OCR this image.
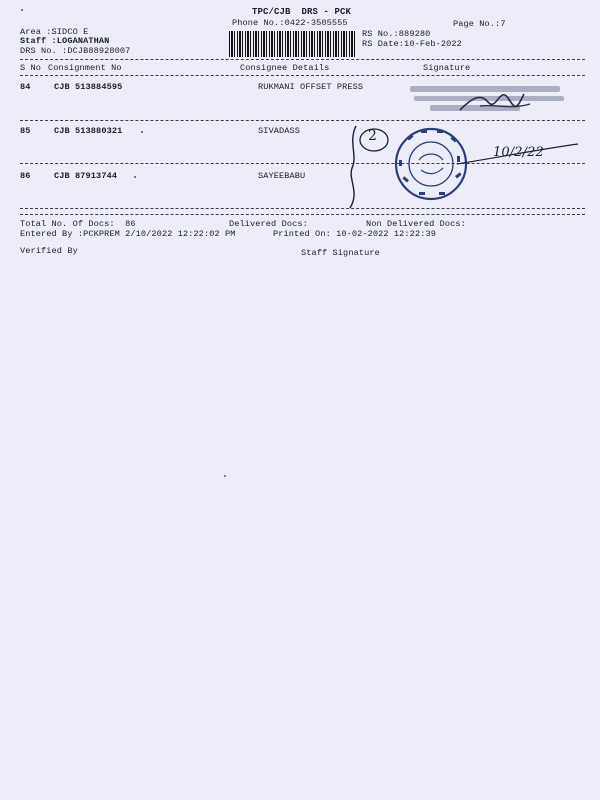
TPC/CJB  DRS - PCK
Phone No.:0422-3505555	Page No.:7
Area :SIDCO E
Staff :LOGANATHAN
DRS No. :DCJB88928007
RS No.:889280
RS Date:10-Feb-2022
S No Consignment No	Consignee Details	Signature
84	CJB 513884595	RUKMANI OFFSET PRESS
85	CJB 513880321	SIVADASS
86	CJB 87913744	SAYEEBABU
Total No. Of Docs:  86	Delivered Docs:	Non Delivered Docs:
Entered By :PCKPREM 2/10/2022 12:22:02 PM	Printed On: 10-02-2022 12:22:39
Verified By	Staff Signature
2
10/2/22
